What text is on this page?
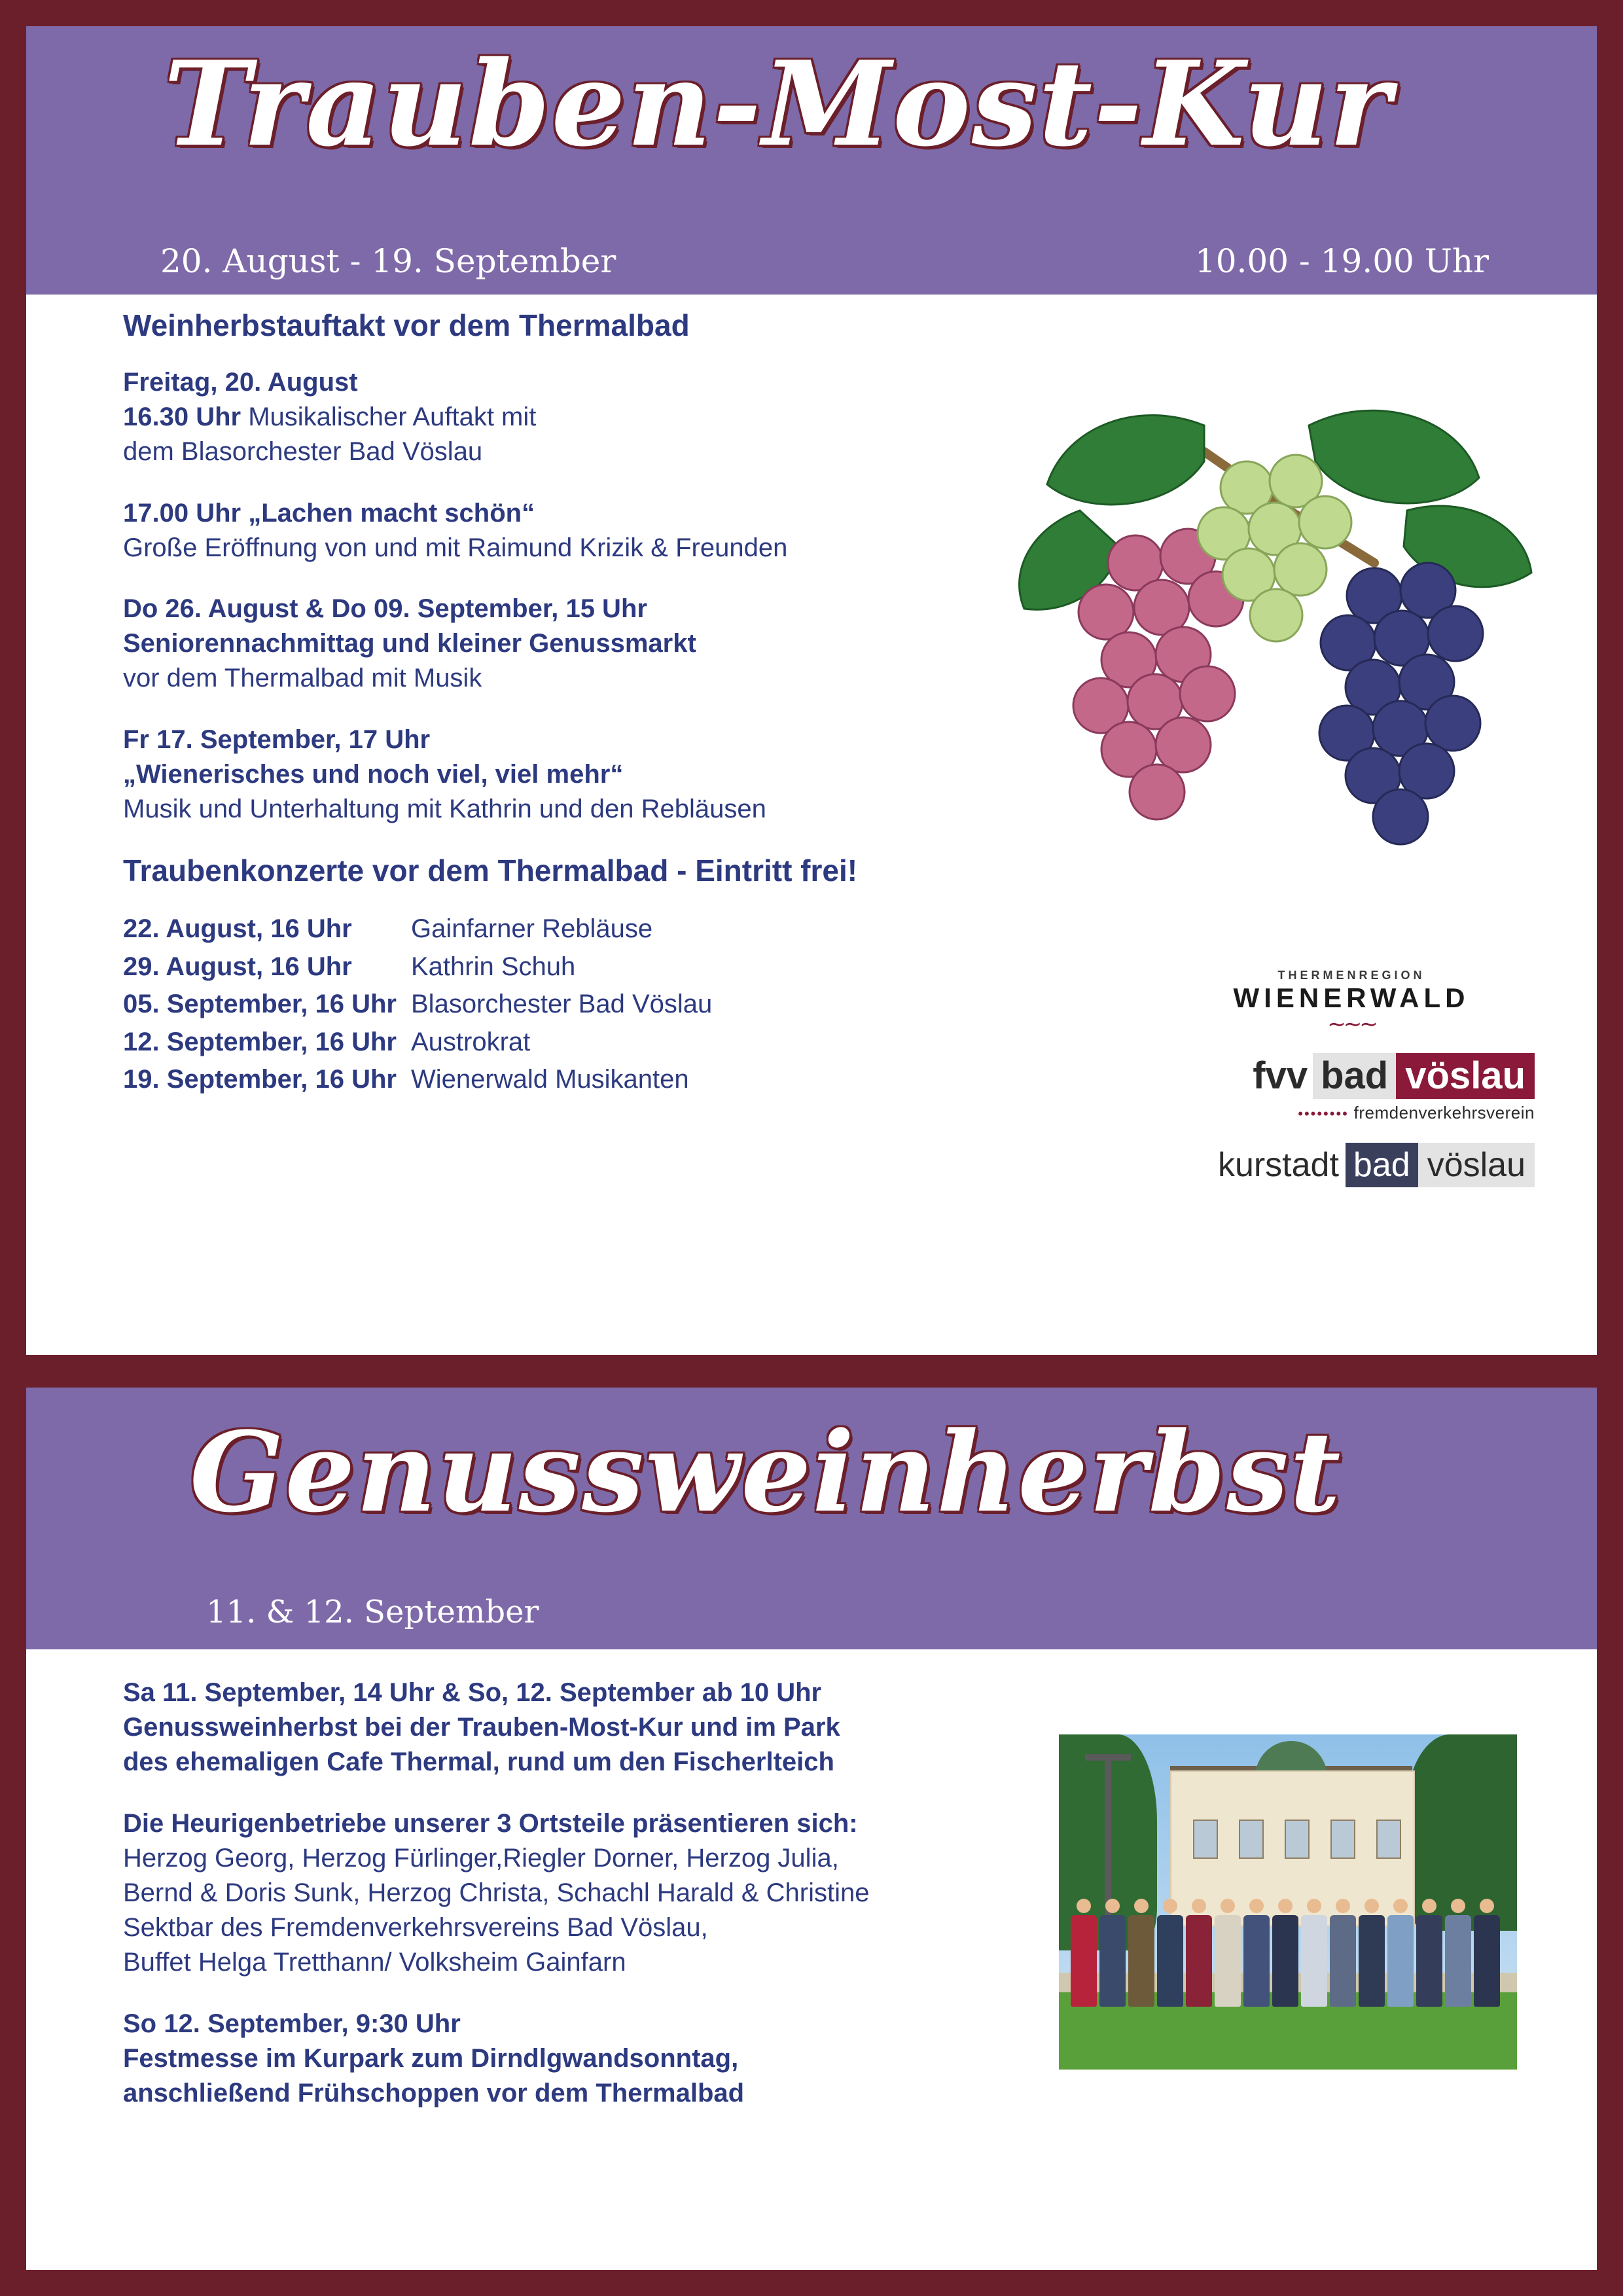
Trauben-Most-Kur
20. August - 19. September	10.00 - 19.00 Uhr
Weinherbstauftakt vor dem Thermalbad
Freitag, 20. August
16.30 Uhr Musikalischer Auftakt mit
dem Blasorchester Bad Vöslau
17.00 Uhr „Lachen macht schön“
Große Eröffnung von und mit Raimund Krizik & Freunden
Do 26. August & Do 09. September, 15 Uhr
Seniorennachmittag und kleiner Genussmarkt
vor dem Thermalbad mit Musik
Fr 17. September, 17 Uhr
„Wienerisches und noch viel, viel mehr“
Musik und Unterhaltung mit Kathrin und den Rebläusen
Traubenkonzerte vor dem Thermalbad - Eintritt frei!
22. August, 16 Uhr	Gainfarner Rebläuse
29. August, 16 Uhr	Kathrin Schuh
05. September, 16 Uhr Blasorchester Bad Vöslau
12. September, 16 Uhr Austrokrat
19. September, 16 Uhr Wienerwald Musikanten
THERMENREGION
WIENERWALD
∼∼∼
fvv bad vöslau
•••••••• fremdenverkehrsverein
kurstadt bad vöslau
Genussweinherbst
11. & 12. September
Sa 11. September, 14 Uhr & So, 12. September ab 10 Uhr
Genussweinherbst bei der Trauben-Most-Kur und im Park
des ehemaligen Cafe Thermal, rund um den Fischerlteich
Die Heurigenbetriebe unserer 3 Ortsteile präsentieren sich:
Herzog Georg, Herzog Fürlinger,Riegler Dorner, Herzog Julia,
Bernd & Doris Sunk, Herzog Christa, Schachl Harald & Christine
Sektbar des Fremdenverkehrsvereins Bad Vöslau,
Buffet Helga Tretthann/ Volksheim Gainfarn
So 12. September, 9:30 Uhr
Festmesse im Kurpark zum Dirndlgwandsonntag,
anschließend Frühschoppen vor dem Thermalbad
